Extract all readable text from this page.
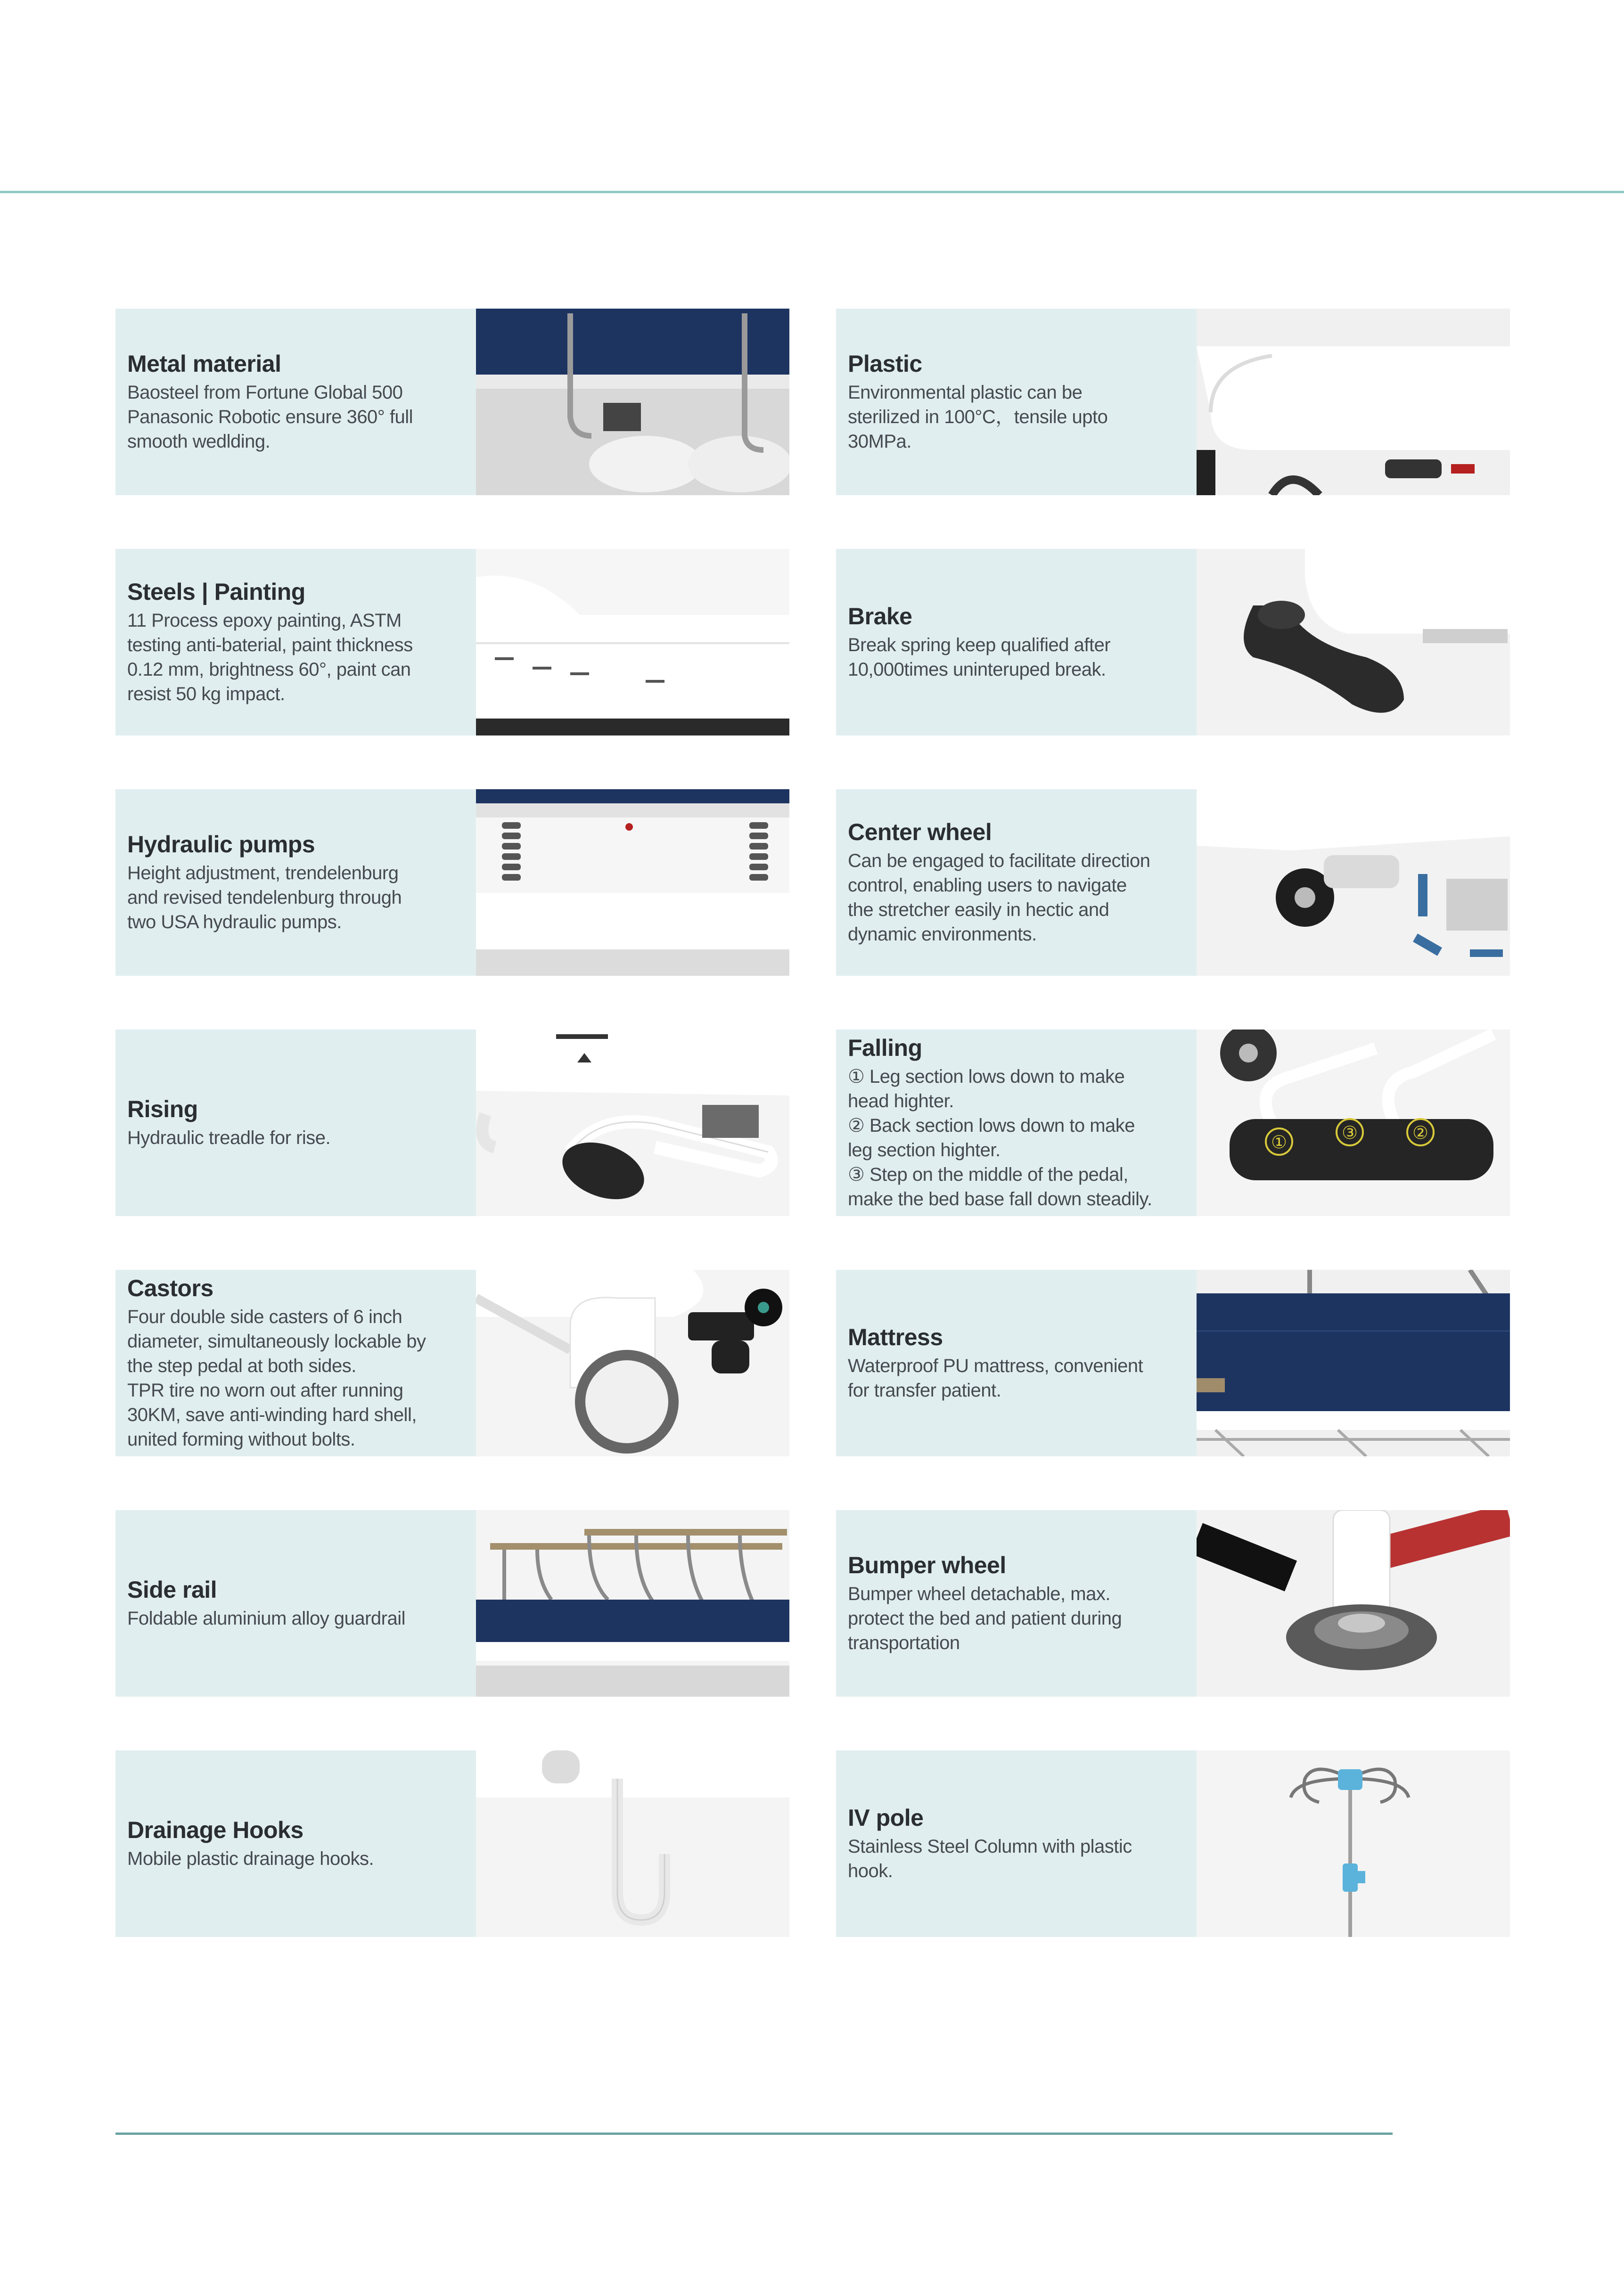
Metal material

Baosteel from Fortune Global 500
Panasonic Robotic ensure 360° full
smooth wedlding.

Plastic

Environmental plastic can be
sterilized in 100°C，tensile upto
30MPa.

Steels | Painting

11 Process epoxy painting, ASTM
testing anti-baterial, paint thickness
0.12 mm, brightness 60°, paint can
resist 50 kg impact.

Brake

Break spring keep qualified after
10,000times uninteruped break.

Hydraulic pumps

Height adjustment, trendelenburg
and revised tendelenburg through
two USA hydraulic pumps.

Center wheel

Can be engaged to facilitate direction
control, enabling users to navigate
the stretcher easily in hectic and
dynamic environments.

Rising

Hydraulic treadle for rise.

Falling

① Leg section lows down to make
head highter.
② Back section lows down to make
leg section highter.
③ Step on the middle of the pedal,
make the bed base fall down steadily.

①	③	②
Castors

Four double side casters of 6 inch
diameter, simultaneously lockable by
the step pedal at both sides.
TPR tire no worn out after running
30KM, save anti-winding hard shell,
united forming without bolts.

Mattress

Waterproof PU mattress, convenient
for transfer patient.

Side rail

Foldable aluminium alloy guardrail

Bumper wheel

Bumper wheel detachable, max.
protect the bed and patient during
transportation

Drainage Hooks

Mobile plastic drainage hooks.

IV pole

Stainless Steel Column with plastic
hook.
